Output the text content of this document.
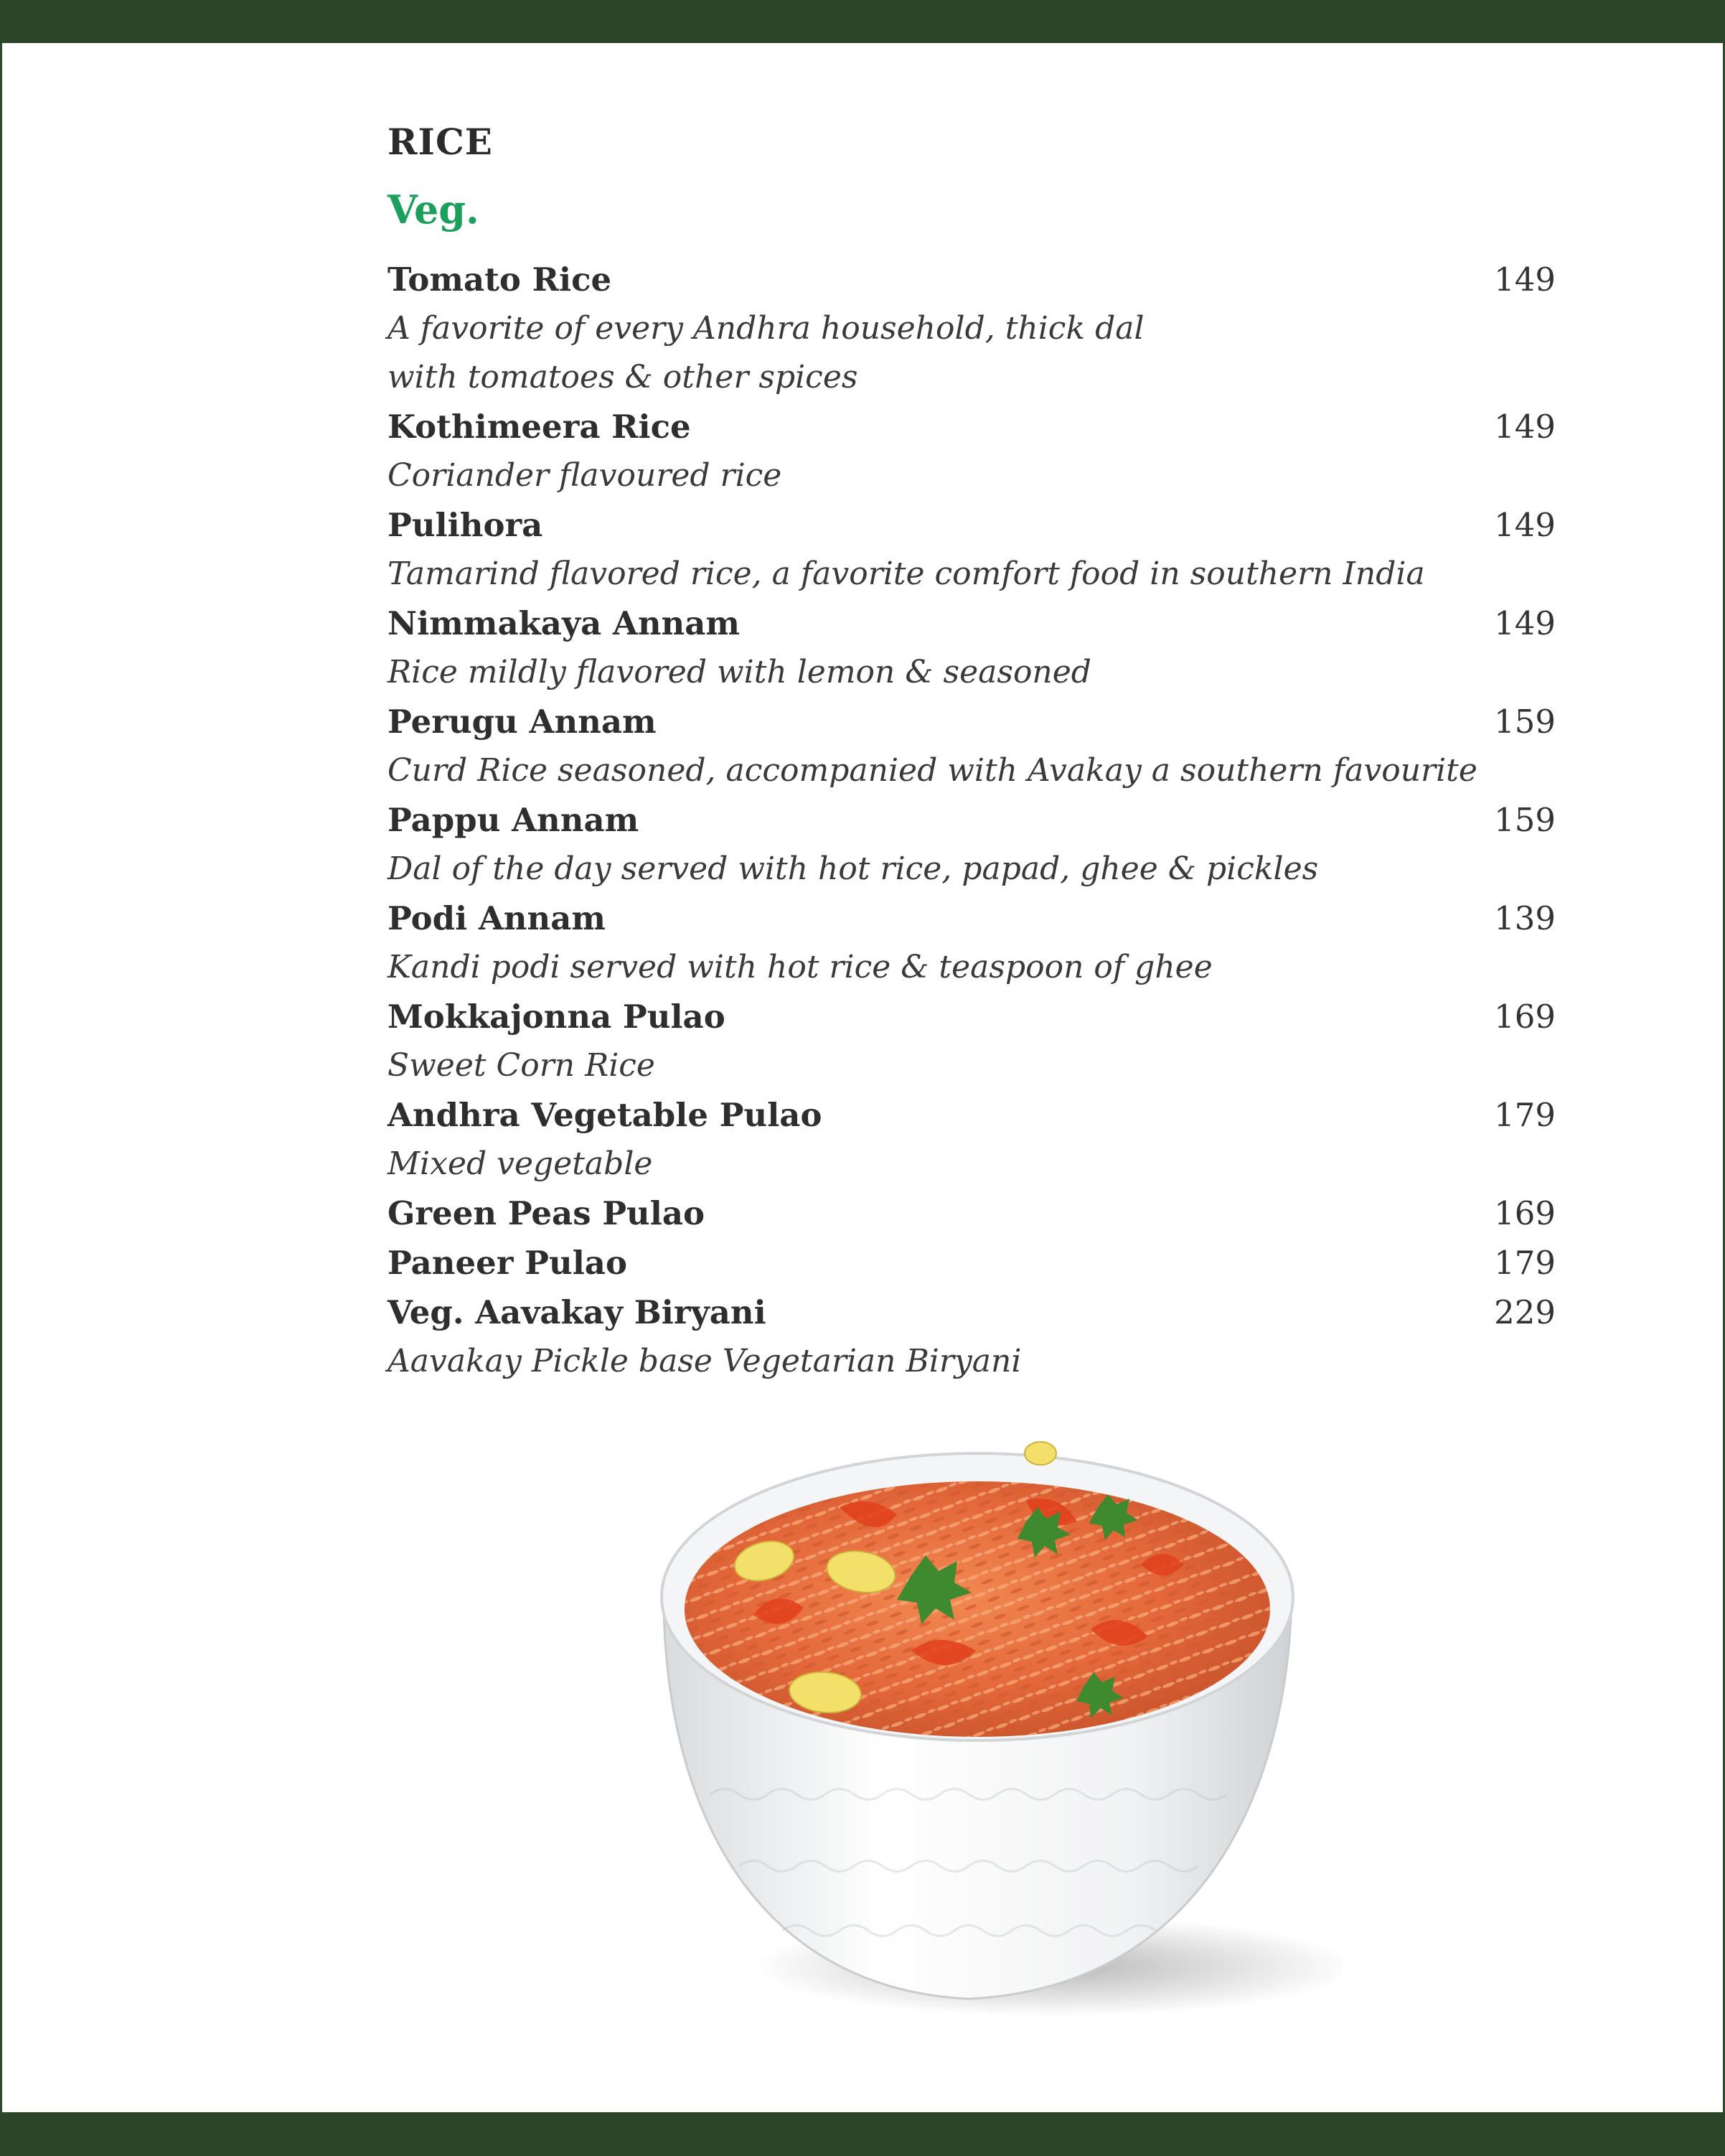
RICE
Veg.
Tomato Rice	149
A favorite of every Andhra household, thick dal
with tomatoes & other spices
Kothimeera Rice	149
Coriander flavoured rice
Pulihora	149
Tamarind flavored rice, a favorite comfort food in southern India
Nimmakaya Annam	149
Rice mildly flavored with lemon & seasoned
Perugu Annam	159
Curd Rice seasoned, accompanied with Avakay a southern favourite
Pappu Annam	159
Dal of the day served with hot rice, papad, ghee & pickles
Podi Annam	139
Kandi podi served with hot rice & teaspoon of ghee
Mokkajonna Pulao	169
Sweet Corn Rice
Andhra Vegetable Pulao	179
Mixed vegetable
Green Peas Pulao	169
Paneer Pulao	179
Veg. Aavakay Biryani	229
Aavakay Pickle base Vegetarian Biryani
